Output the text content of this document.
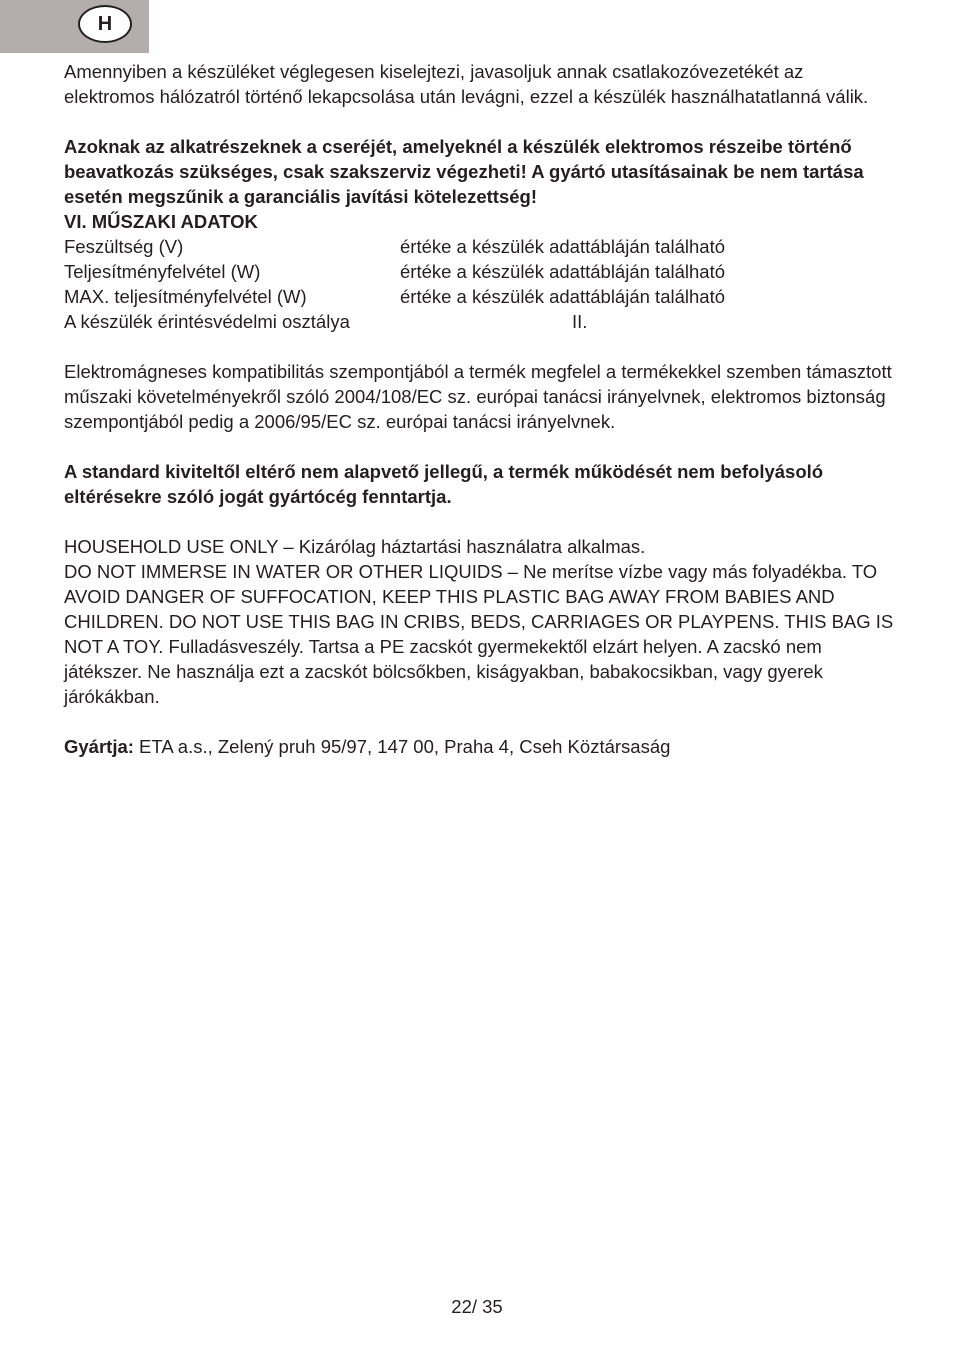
H

Amennyiben a készüléket véglegesen kiselejtezi, javasoljuk annak csatlakozóvezetékét az elektromos hálózatról történő lekapcsolása után levágni, ezzel a készülék használhatatlanná válik.

Azoknak az alkatrészeknek a cseréjét, amelyeknél a készülék elektromos részeibe történő beavatkozás szükséges, csak szakszerviz végezheti! A gyártó utasításainak be nem tartása esetén megszűnik a garanciális javítási kötelezettség!

VI. MŰSZAKI ADATOK

Feszültség (V)	értéke a készülék adattábláján található
Teljesítményfelvétel (W)	értéke a készülék adattábláján található
MAX. teljesítményfelvétel (W)	értéke a készülék adattábláján található
A készülék érintésvédelmi osztálya	II.

Elektromágneses kompatibilitás szempontjából a termék megfelel a termékekkel szemben támasztott műszaki követelményekről szóló 2004/108/EC sz. európai tanácsi irányelvnek, elektromos biztonság szempontjából pedig a 2006/95/EC sz. európai tanácsi irányelvnek.

A standard kiviteltől eltérő nem alapvető jellegű, a termék működését nem befolyásoló eltérésekre szóló jogát gyártócég fenntartja.

HOUSEHOLD USE ONLY – Kizárólag háztartási használatra alkalmas.

DO NOT IMMERSE IN WATER OR OTHER LIQUIDS – Ne merítse vízbe vagy más folyadékba. TO AVOID DANGER OF SUFFOCATION, KEEP THIS PLASTIC BAG AWAY FROM BABIES AND CHILDREN. DO NOT USE THIS BAG IN CRIBS, BEDS, CARRIAGES OR PLAYPENS. THIS BAG IS NOT A TOY. Fulladásveszély. Tartsa a PE zacskót gyermekektől elzárt helyen. A zacskó nem játékszer. Ne használja ezt a zacskót bölcsőkben, kiságyakban, babakocsikban, vagy gyerek járókákban.

Gyártja: ETA a.s., Zelený pruh 95/97, 147 00, Praha 4, Cseh Köztársaság

22/ 35
